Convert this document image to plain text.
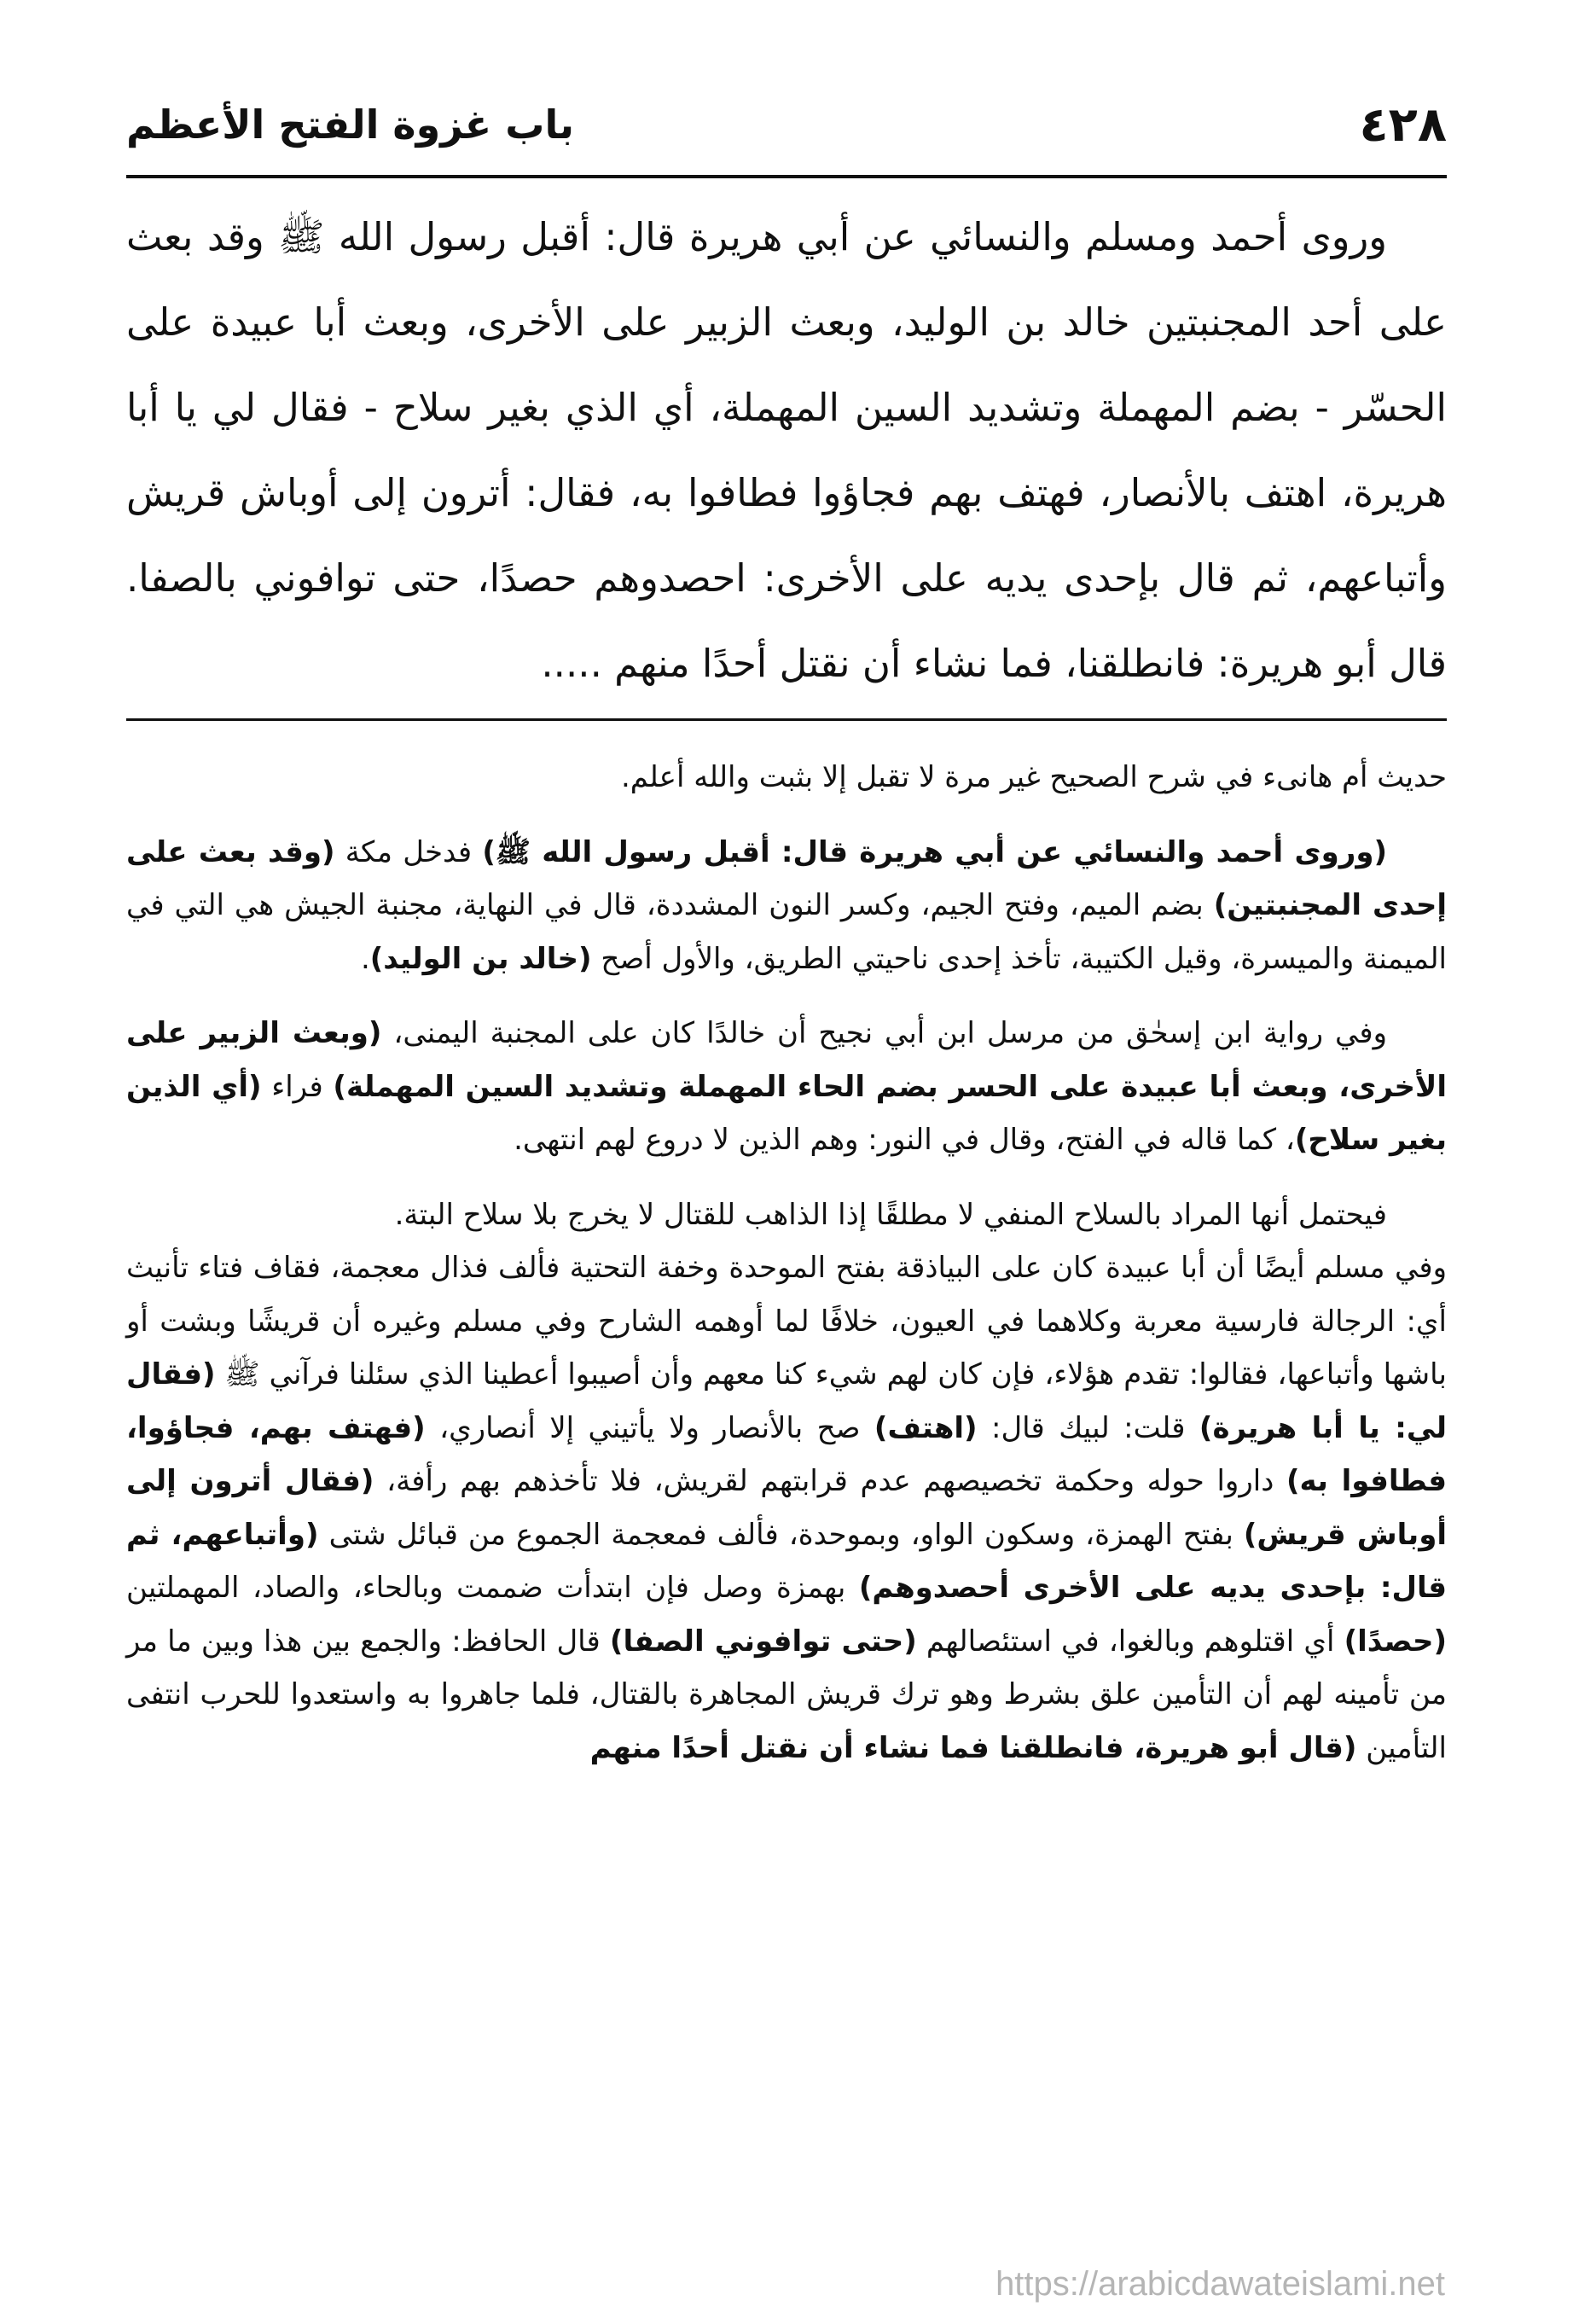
٤٢٨
باب غزوة الفتح الأعظم

وروى أحمد ومسلم والنسائي عن أبي هريرة قال: أقبل رسول الله ﷺ وقد بعث على أحد المجنبتين خالد بن الوليد، وبعث الزبير على الأخرى، وبعث أبا عبيدة على الحسّر - بضم المهملة وتشديد السين المهملة، أي الذي بغير سلاح - فقال لي يا أبا هريرة، اهتف بالأنصار، فهتف بهم فجاؤوا فطافوا به، فقال: أترون إلى أوباش قريش وأتباعهم، ثم قال بإحدى يديه على الأخرى: احصدوهم حصدًا، حتى توافوني بالصفا. قال أبو هريرة: فانطلقنا، فما نشاء أن نقتل أحدًا منهم .....

حديث أم هانىء في شرح الصحيح غير مرة لا تقبل إلا بثبت والله أعلم.

(وروى أحمد والنسائي عن أبي هريرة قال: أقبل رسول الله ﷺ) فدخل مكة (وقد بعث على إحدى المجنبتين) بضم الميم، وفتح الجيم، وكسر النون المشددة، قال في النهاية، مجنبة الجيش هي التي في الميمنة والميسرة، وقيل الكتيبة، تأخذ إحدى ناحيتي الطريق، والأول أصح (خالد بن الوليد).

وفي رواية ابن إسحٰق من مرسل ابن أبي نجيح أن خالدًا كان على المجنبة اليمنى، (وبعث الزبير على الأخرى، وبعث أبا عبيدة على الحسر بضم الحاء المهملة وتشديد السين المهملة) فراء (أي الذين بغير سلاح)، كما قاله في الفتح، وقال في النور: وهم الذين لا دروع لهم انتهى.

فيحتمل أنها المراد بالسلاح المنفي لا مطلقًا إذا الذاهب للقتال لا يخرج بلا سلاح البتة.

وفي مسلم أيضًا أن أبا عبيدة كان على البياذقة بفتح الموحدة وخفة التحتية فألف فذال معجمة، فقاف فتاء تأنيث أي: الرجالة فارسية معربة وكلاهما في العيون، خلافًا لما أوهمه الشارح وفي مسلم وغيره أن قريشًا وبشت أو باشها وأتباعها، فقالوا: تقدم هؤلاء، فإن كان لهم شيء كنا معهم وأن أصيبوا أعطينا الذي سئلنا فرآني ﷺ (فقال لي: يا أبا هريرة) قلت: لبيك قال: (اهتف) صح بالأنصار ولا يأتيني إلا أنصاري، (فهتف بهم، فجاؤوا، فطافوا به) داروا حوله وحكمة تخصيصهم عدم قرابتهم لقريش، فلا تأخذهم بهم رأفة، (فقال أترون إلى أوباش قريش) بفتح الهمزة، وسكون الواو، وبموحدة، فألف فمعجمة الجموع من قبائل شتى (وأتباعهم، ثم قال: بإحدى يديه على الأخرى أحصدوهم) بهمزة وصل فإن ابتدأت ضممت وبالحاء، والصاد، المهملتين (حصدًا) أي اقتلوهم وبالغوا، في استئصالهم (حتى توافوني الصفا) قال الحافظ: والجمع بين هذا وبين ما مر من تأمينه لهم أن التأمين علق بشرط وهو ترك قريش المجاهرة بالقتال، فلما جاهروا به واستعدوا للحرب انتفى التأمين (قال أبو هريرة، فانطلقنا فما نشاء أن نقتل أحدًا منهم

https://arabicdawateislami.net
